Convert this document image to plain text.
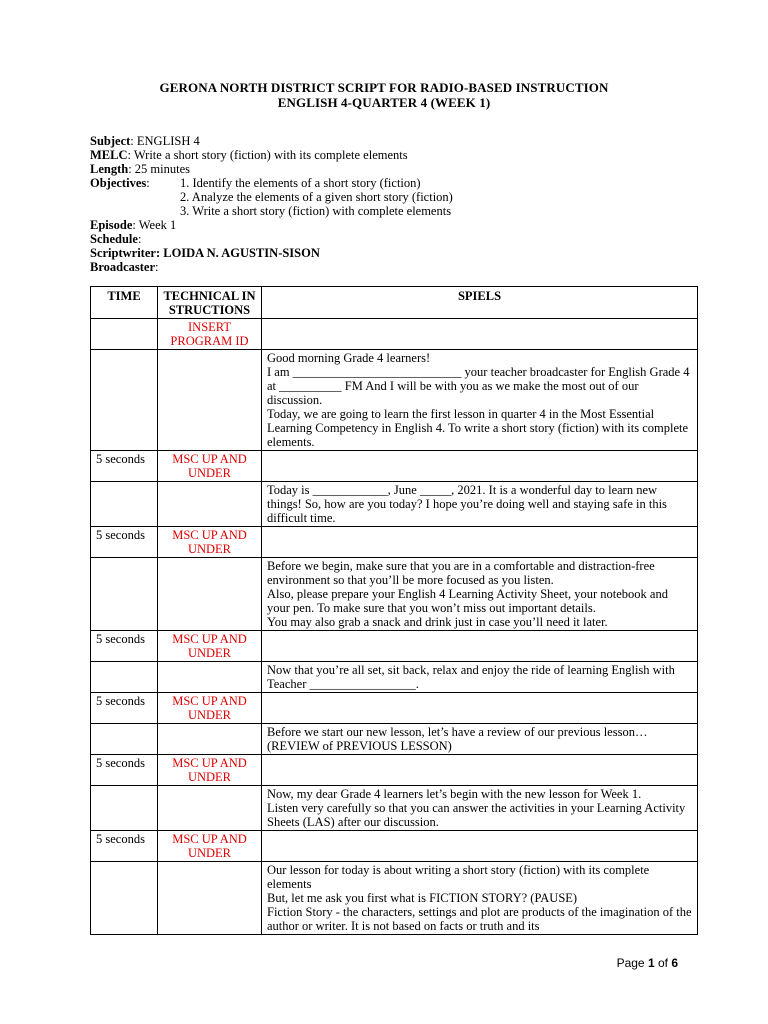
GERONA NORTH DISTRICT SCRIPT FOR RADIO-BASED INSTRUCTION
ENGLISH 4-QUARTER 4 (WEEK 1)
Subject: ENGLISH 4
MELC: Write a short story (fiction) with its complete elements
Length: 25 minutes
Objectives: 1. Identify the elements of a short story (fiction)
2. Analyze the elements of a given short story (fiction)
3. Write a short story (fiction) with complete elements
Episode: Week 1
Schedule:
Scriptwriter: LOIDA N. AGUSTIN-SISON
Broadcaster:
TIME	TECHNICAL INSTRUCTIONS	SPIELS
	INSERT PROGRAM ID	

		Good morning Grade 4 learners!
I am ___________________________ your teacher broadcaster for English Grade 4 at __________ FM And I will be with you as we make the most out of our discussion.
Today, we are going to learn the first lesson in quarter 4 in the Most Essential Learning Competency in English 4. To write a short story (fiction) with its complete elements.

5 seconds	MSC UP AND UNDER	

		Today is ____________, June _____, 2021. It is a wonderful day to learn new things! So, how are you today? I hope you’re doing well and staying safe in this difficult time.

5 seconds	MSC UP AND UNDER	

		Before we begin, make sure that you are in a comfortable and distraction-free environment so that you’ll be more focused as you listen.
Also, please prepare your English 4 Learning Activity Sheet, your notebook and your pen. To make sure that you won’t miss out important details.
You may also grab a snack and drink just in case you’ll need it later.

5 seconds	MSC UP AND UNDER	

		Now that you’re all set, sit back, relax and enjoy the ride of learning English with Teacher _________________.

5 seconds	MSC UP AND UNDER	

		Before we start our new lesson, let’s have a review of our previous lesson…(REVIEW of PREVIOUS LESSON)

5 seconds	MSC UP AND UNDER	

		Now, my dear Grade 4 learners let’s begin with the new lesson for Week 1.
Listen very carefully so that you can answer the activities in your Learning Activity Sheets (LAS) after our discussion.

5 seconds	MSC UP AND UNDER	

		Our lesson for today is about writing a short story (fiction) with its complete elements
But, let me ask you first what is FICTION STORY? (PAUSE)
Fiction Story - the characters, settings and plot are products of the imagination of the author or writer. It is not based on facts or truth and its
Page 1 of 6
